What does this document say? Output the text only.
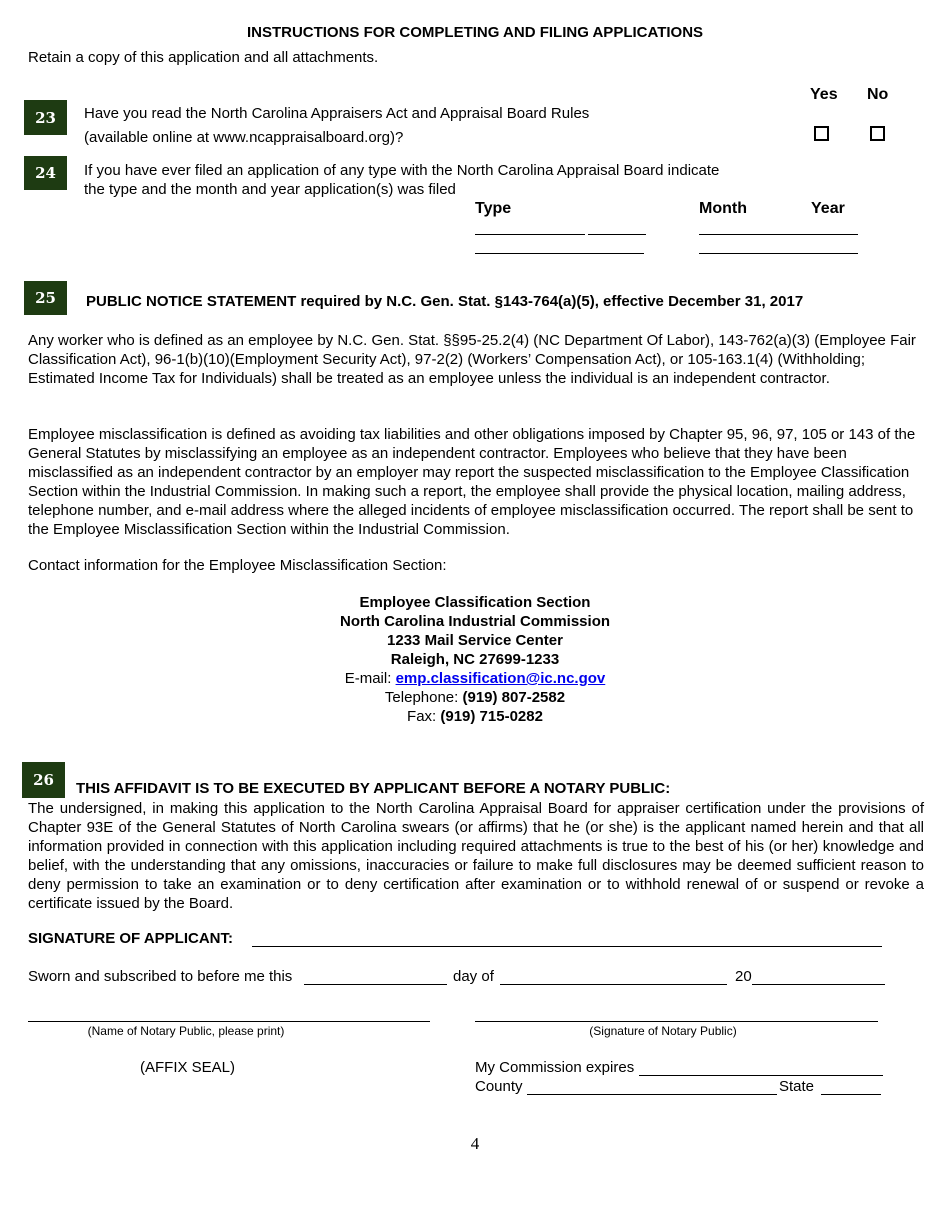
INSTRUCTIONS FOR COMPLETING AND FILING APPLICATIONS
Retain a copy of this application and all attachments.
Yes No
23	Have you read the North Carolina Appraisers Act and Appraisal Board Rules
(available online at www.ncappraisalboard.org)?
24	If you have ever filed an application of any type with the North Carolina Appraisal Board indicate
the type and the month and year application(s) was filed
Type	Month	Year
25	PUBLIC NOTICE STATEMENT required by N.C. Gen. Stat. §143-764(a)(5), effective December 31, 2017
Any worker who is defined as an employee by N.C. Gen. Stat. §§95-25.2(4) (NC Department Of Labor), 143-762(a)(3) (Employee Fair Classification Act), 96-1(b)(10)(Employment Security Act), 97-2(2) (Workers’ Compensation Act), or 105-163.1(4) (Withholding; Estimated Income Tax for Individuals) shall be treated as an employee unless the individual is an independent contractor.
Employee misclassification is defined as avoiding tax liabilities and other obligations imposed by Chapter 95, 96, 97, 105 or 143 of the General Statutes by misclassifying an employee as an independent contractor. Employees who believe that they have been misclassified as an independent contractor by an employer may report the suspected misclassification to the Employee Classification Section within the Industrial Commission. In making such a report, the employee shall provide the physical location, mailing address, telephone number, and e-mail address where the alleged incidents of employee misclassification occurred. The report shall be sent to the Employee Misclassification Section within the Industrial Commission.
Contact information for the Employee Misclassification Section:
Employee Classification Section
North Carolina Industrial Commission
1233 Mail Service Center
Raleigh, NC 27699-1233
E-mail: emp.classification@ic.nc.gov
Telephone: (919) 807-2582
Fax: (919) 715-0282
26	THIS AFFIDAVIT IS TO BE EXECUTED BY APPLICANT BEFORE A NOTARY PUBLIC:
The undersigned, in making this application to the North Carolina Appraisal Board for appraiser certification under the provisions of Chapter 93E of the General Statutes of North Carolina swears (or affirms) that he (or she) is the applicant named herein and that all information provided in connection with this application including required attachments is true to the best of his (or her) knowledge and belief, with the understanding that any omissions, inaccuracies or failure to make full disclosures may be deemed sufficient reason to deny permission to take an examination or to deny certification after examination or to withhold renewal of or suspend or revoke a certificate issued by the Board.
SIGNATURE OF APPLICANT:
Sworn and subscribed to before me this	day of	20
(Name of Notary Public, please print)	(Signature of Notary Public)
(AFFIX SEAL)	My Commission expires
County	State
4
